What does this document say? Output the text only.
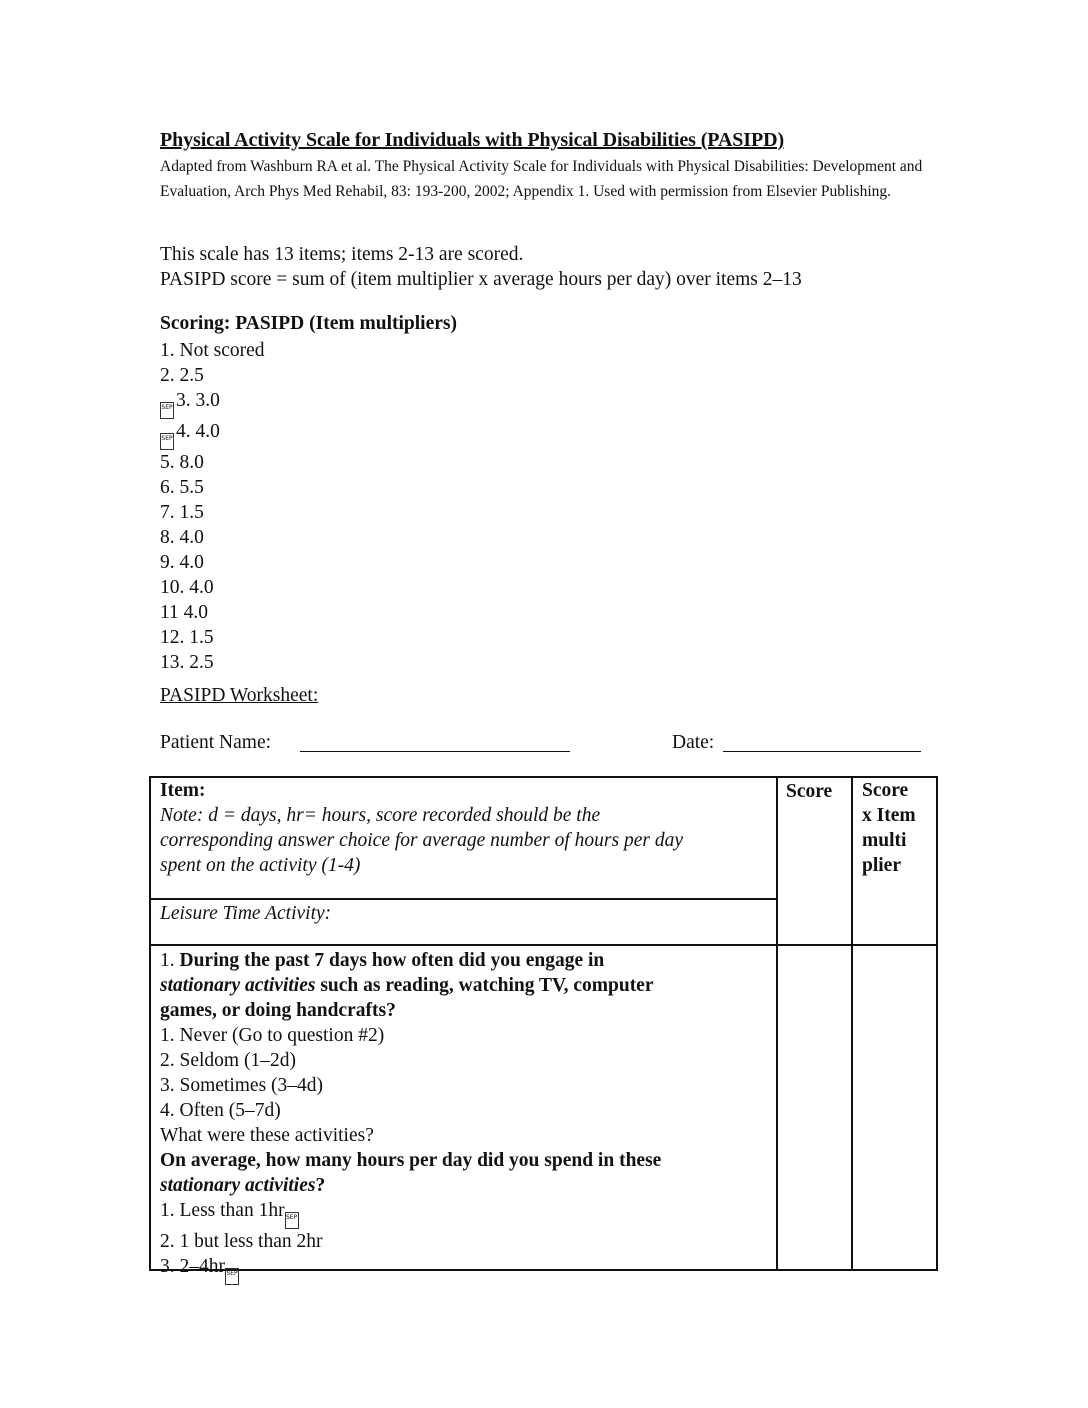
Physical Activity Scale for Individuals with Physical Disabilities (PASIPD)
Adapted from Washburn RA et al. The Physical Activity Scale for Individuals with Physical Disabilities: Development and Evaluation, Arch Phys Med Rehabil, 83: 193-200, 2002; Appendix 1. Used with permission from Elsevier Publishing.
This scale has 13 items; items 2-13 are scored.
PASIPD score = sum of (item multiplier x average hours per day) over items 2–13
Scoring: PASIPD (Item multipliers)
1. Not scored
2. 2.5
SEP 3. 3.0
SEP 4. 4.0
5. 8.0
6. 5.5
7. 1.5
8. 4.0
9. 4.0
10. 4.0
11 4.0
12. 1.5
13. 2.5
PASIPD Worksheet:
Patient Name:	Date:
Item:
Note: d = days, hr= hours, score recorded should be the
corresponding answer choice for average number of hours per day
spent on the activity (1-4)
Leisure Time Activity:
Score Score
x Item
multi
plier
1. During the past 7 days how often did you engage in
stationary activities such as reading, watching TV, computer
games, or doing handcrafts?
1. Never (Go to question #2)
2. Seldom (1–2d)
3. Sometimes (3–4d)
4. Often (5–7d)
What were these activities?
On average, how many hours per day did you spend in these
stationary activities?
1. Less than 1hrSEP
2. 1 but less than 2hr
3. 2–4hrSEP
